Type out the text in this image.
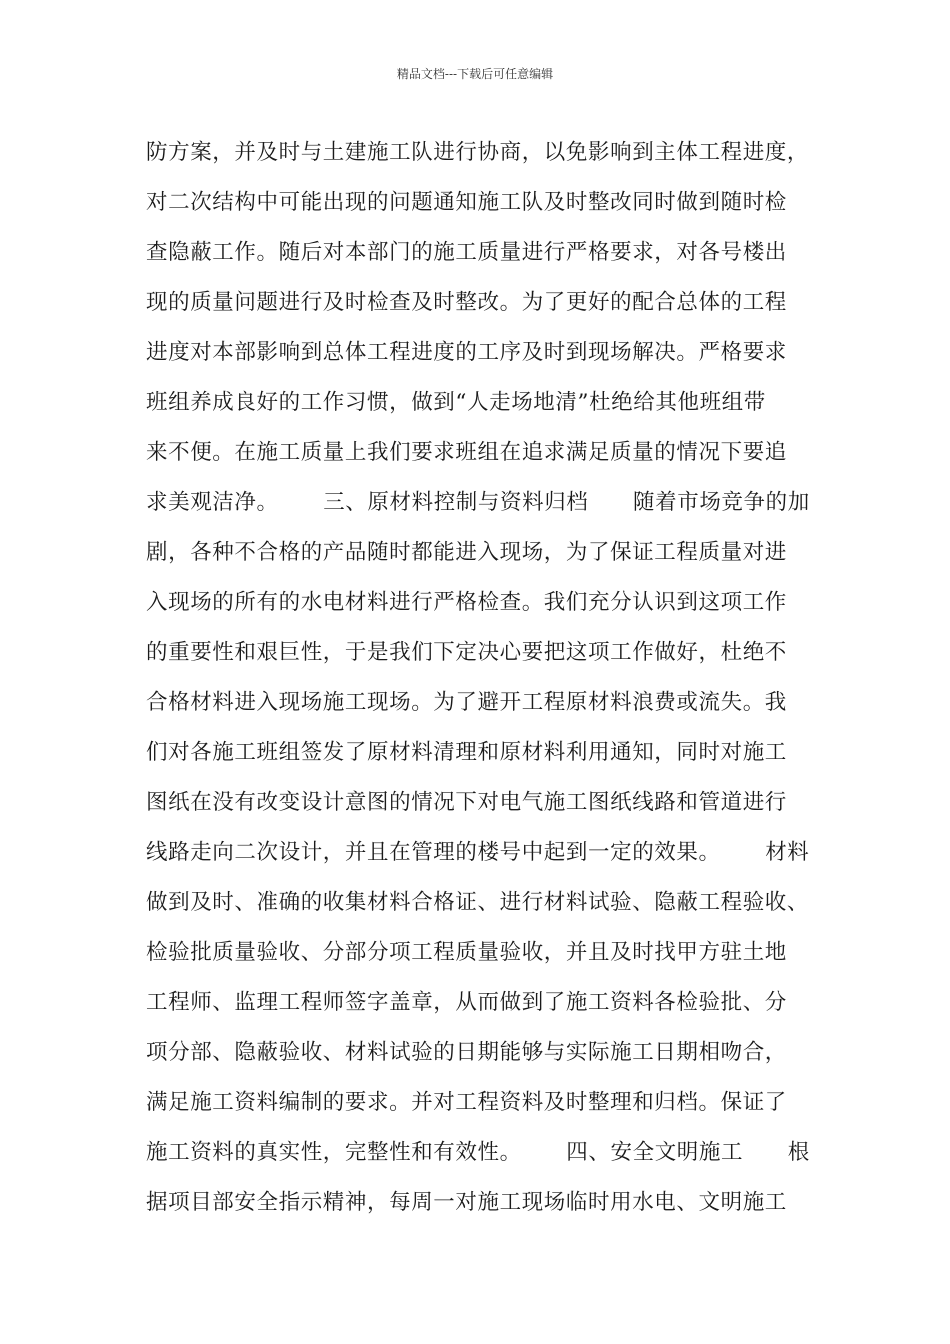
精品文档---下载后可任意编辑
防方案，并及时与土建施工队进行协商，以免影响到主体工程进度，
对二次结构中可能出现的问题通知施工队及时整改同时做到随时检
查隐蔽工作。随后对本部门的施工质量进行严格要求，对各号楼出
现的质量问题进行及时检查及时整改。为了更好的配合总体的工程
进度对本部影响到总体工程进度的工序及时到现场解决。严格要求
班组养成良好的工作习惯，做到“人走场地清”杜绝给其他班组带
来不便。在施工质量上我们要求班组在追求满足质量的情况下要追
求美观洁净。      三、原材料控制与资料归档      随着市场竞争的加
剧，各种不合格的产品随时都能进入现场，为了保证工程质量对进
入现场的所有的水电材料进行严格检查。我们充分认识到这项工作
的重要性和艰巨性，于是我们下定决心要把这项工作做好，杜绝不
合格材料进入现场施工现场。为了避开工程原材料浪费或流失。我
们对各施工班组签发了原材料清理和原材料利用通知，同时对施工
图纸在没有改变设计意图的情况下对电气施工图纸线路和管道进行
线路走向二次设计，并且在管理的楼号中起到一定的效果。      材料
做到及时、准确的收集材料合格证、进行材料试验、隐蔽工程验收、
检验批质量验收、分部分项工程质量验收，并且及时找甲方驻土地
工程师、监理工程师签字盖章，从而做到了施工资料各检验批、分
项分部、隐蔽验收、材料试验的日期能够与实际施工日期相吻合，
满足施工资料编制的要求。并对工程资料及时整理和归档。保证了
施工资料的真实性，完整性和有效性。      四、安全文明施工      根
据项目部安全指示精神，每周一对施工现场临时用水电、文明施工
